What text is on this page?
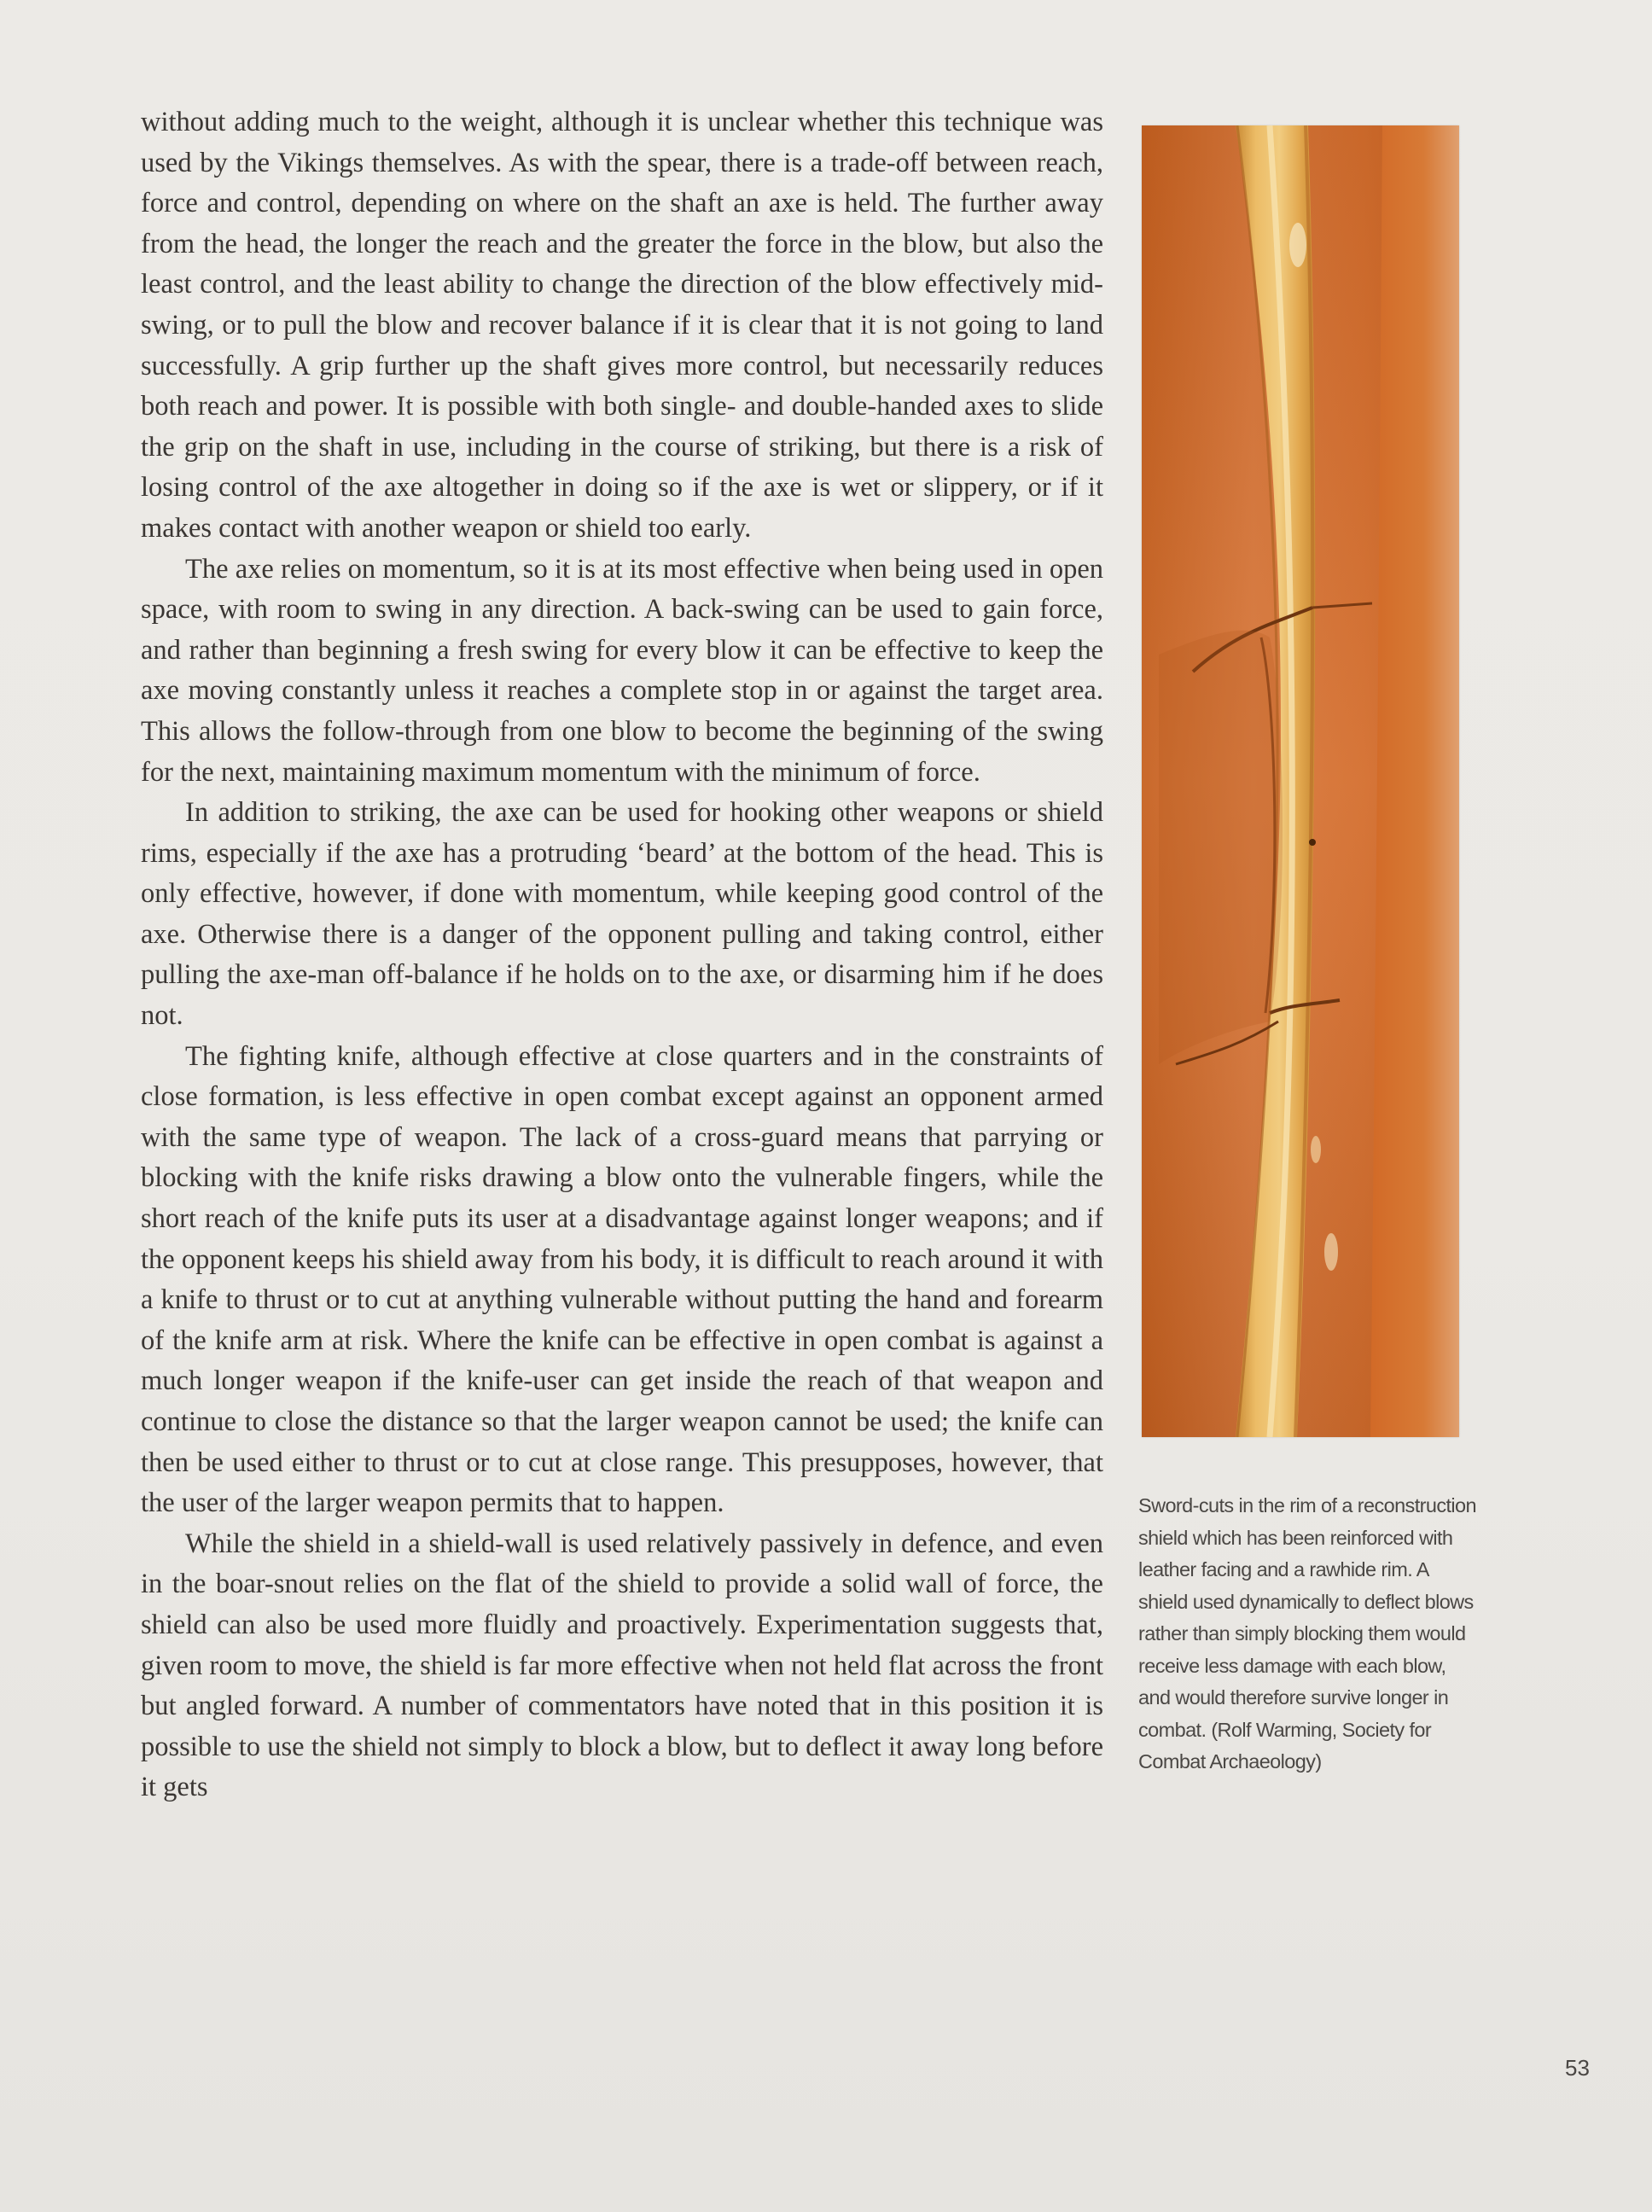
without adding much to the weight, although it is unclear whether this technique was used by the Vikings themselves. As with the spear, there is a trade-off between reach, force and control, depending on where on the shaft an axe is held. The further away from the head, the longer the reach and the greater the force in the blow, but also the least control, and the least ability to change the direction of the blow effectively mid-swing, or to pull the blow and recover balance if it is clear that it is not going to land successfully. A grip further up the shaft gives more control, but necessarily reduces both reach and power. It is possible with both single- and double-handed axes to slide the grip on the shaft in use, including in the course of striking, but there is a risk of losing control of the axe altogether in doing so if the axe is wet or slippery, or if it makes contact with another weapon or shield too early.

The axe relies on momentum, so it is at its most effective when being used in open space, with room to swing in any direction. A back-swing can be used to gain force, and rather than beginning a fresh swing for every blow it can be effective to keep the axe moving constantly unless it reaches a complete stop in or against the target area. This allows the follow-through from one blow to become the beginning of the swing for the next, maintaining maximum momentum with the minimum of force.

In addition to striking, the axe can be used for hooking other weapons or shield rims, especially if the axe has a protruding ‘beard’ at the bottom of the head. This is only effective, however, if done with momentum, while keeping good control of the axe. Otherwise there is a danger of the opponent pulling and taking control, either pulling the axe-man off-balance if he holds on to the axe, or disarming him if he does not.

The fighting knife, although effective at close quarters and in the constraints of close formation, is less effective in open combat except against an opponent armed with the same type of weapon. The lack of a cross-guard means that parrying or blocking with the knife risks drawing a blow onto the vulnerable fingers, while the short reach of the knife puts its user at a disadvantage against longer weapons; and if the opponent keeps his shield away from his body, it is difficult to reach around it with a knife to thrust or to cut at anything vulnerable without putting the hand and forearm of the knife arm at risk. Where the knife can be effective in open combat is against a much longer weapon if the knife-user can get inside the reach of that weapon and continue to close the distance so that the larger weapon cannot be used; the knife can then be used either to thrust or to cut at close range. This presupposes, however, that the user of the larger weapon permits that to happen.

While the shield in a shield-wall is used relatively passively in defence, and even in the boar-snout relies on the flat of the shield to provide a solid wall of force, the shield can also be used more fluidly and proactively. Experimentation suggests that, given room to move, the shield is far more effective when not held flat across the front but angled forward. A number of commentators have noted that in this position it is possible to use the shield not simply to block a blow, but to deflect it away long before it gets

Sword-cuts in the rim of a reconstruction shield which has been reinforced with leather facing and a rawhide rim. A shield used dynamically to deflect blows rather than simply blocking them would receive less damage with each blow, and would therefore survive longer in combat. (Rolf Warming, Society for Combat Archaeology)
53
